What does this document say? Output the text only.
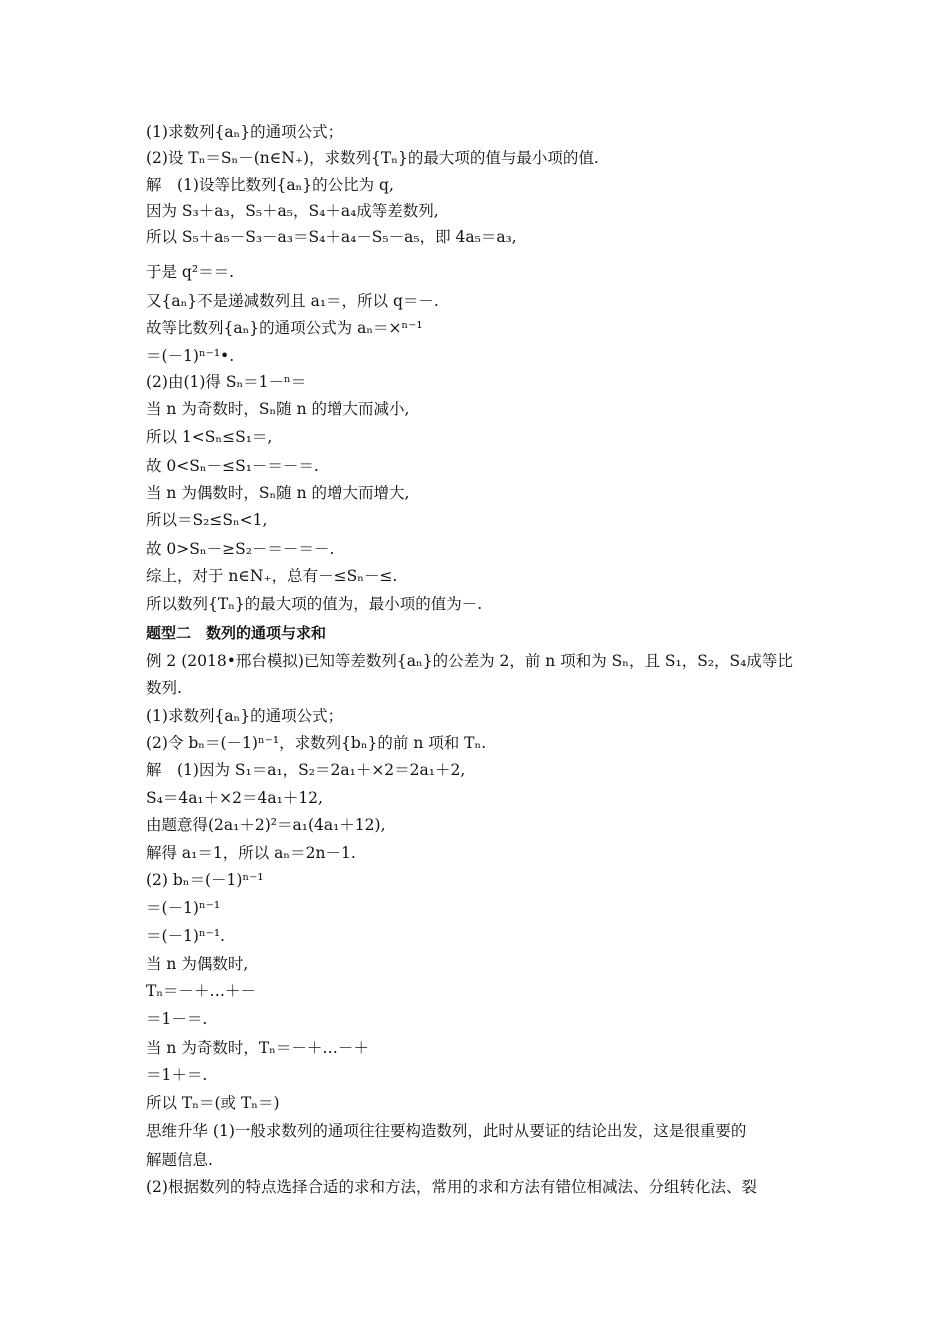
(1)求数列{aₙ}的通项公式；
(2)设 Tₙ＝Sₙ－(n∈N₊)，求数列{Tₙ}的最大项的值与最小项的值.
解　(1)设等比数列{aₙ}的公比为 q,
因为 S₃＋a₃，S₅＋a₅，S₄＋a₄成等差数列,
所以 S₅＋a₅－S₃－a₃＝S₄＋a₄－S₅－a₅，即 4a₅＝a₃,
于是 q²＝＝.
又{aₙ}不是递减数列且 a₁＝，所以 q＝－.
故等比数列{aₙ}的通项公式为 aₙ＝×ⁿ⁻¹
＝(－1)ⁿ⁻¹•.
(2)由(1)得 Sₙ＝1－ⁿ＝
当 n 为奇数时，Sₙ随 n 的增大而减小,
所以 1<Sₙ≤S₁＝,
故 0<Sₙ－≤S₁－＝－＝.
当 n 为偶数时，Sₙ随 n 的增大而增大,
所以＝S₂≤Sₙ<1,
故 0>Sₙ－≥S₂－＝－＝－.
综上，对于 n∈N₊，总有－≤Sₙ－≤.
所以数列{Tₙ}的最大项的值为，最小项的值为－.
题型二　数列的通项与求和
例 2 (2018•邢台模拟)已知等差数列{aₙ}的公差为 2，前 n 项和为 Sₙ，且 S₁，S₂，S₄成等比
数列.
(1)求数列{aₙ}的通项公式；
(2)令 bₙ＝(－1)ⁿ⁻¹，求数列{bₙ}的前 n 项和 Tₙ.
解　(1)因为 S₁＝a₁，S₂＝2a₁＋×2＝2a₁＋2,
S₄＝4a₁＋×2＝4a₁＋12,
由题意得(2a₁＋2)²＝a₁(4a₁＋12),
解得 a₁＝1，所以 aₙ＝2n－1.
(2) bₙ＝(－1)ⁿ⁻¹
＝(－1)ⁿ⁻¹
＝(－1)ⁿ⁻¹.
当 n 为偶数时,
Tₙ＝－＋…＋－
＝1－＝.
当 n 为奇数时，Tₙ＝－＋…－＋
＝1＋＝.
所以 Tₙ＝(或 Tₙ＝)
思维升华 (1)一般求数列的通项往往要构造数列，此时从要证的结论出发，这是很重要的
解题信息.
(2)根据数列的特点选择合适的求和方法，常用的求和方法有错位相减法、分组转化法、裂
